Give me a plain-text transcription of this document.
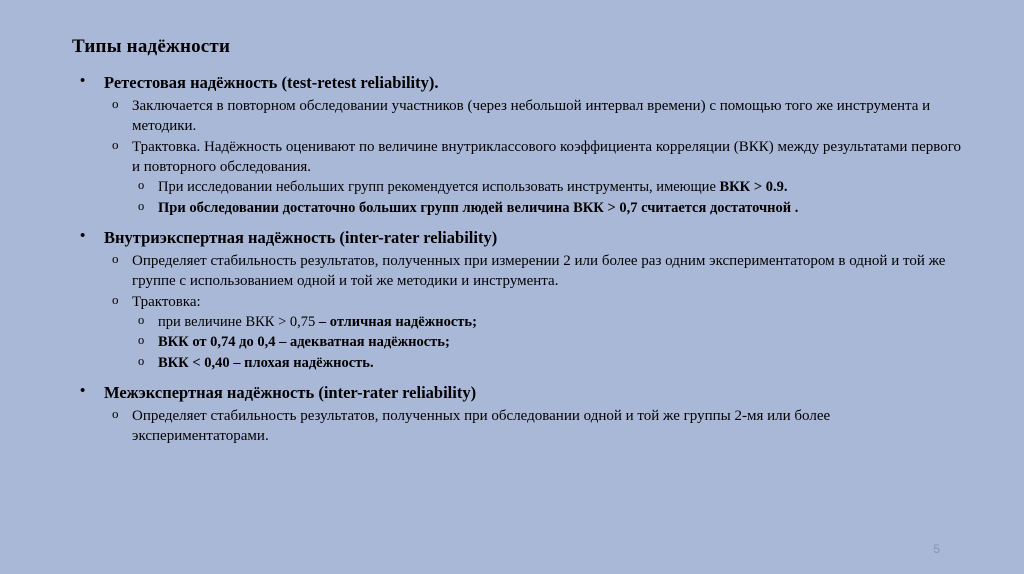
Типы надёжности
• Ретестовая надёжность (test-retest reliability).
o Заключается в повторном обследовании участников (через небольшой интервал времени) с помощью того же инструмента и методики.
o Трактовка. Надёжность оценивают по величине внутриклассового коэффициента корреляции (ВКК) между результатами первого и повторного обследования.
o При исследовании небольших групп рекомендуется использовать инструменты, имеющие ВКК > 0.9.
o При обследовании достаточно больших групп людей величина ВКК > 0,7 считается достаточной .
• Внутриэкспертная надёжность (inter-rater reliability)
o Определяет стабильность результатов, полученных при измерении 2 или более раз одним экспериментатором в одной и той же группе с использованием одной и той же методики и инструмента.
o Трактовка:
o при величине ВКК > 0,75 – отличная надёжность;
o ВКК от 0,74 до 0,4 – адекватная надёжность;
o ВКК < 0,40 – плохая надёжность.
• Межэкспертная надёжность (inter-rater reliability)
o Определяет стабильность результатов, полученных при обследовании одной и той же группы 2-мя или более экспериментаторами.
5
